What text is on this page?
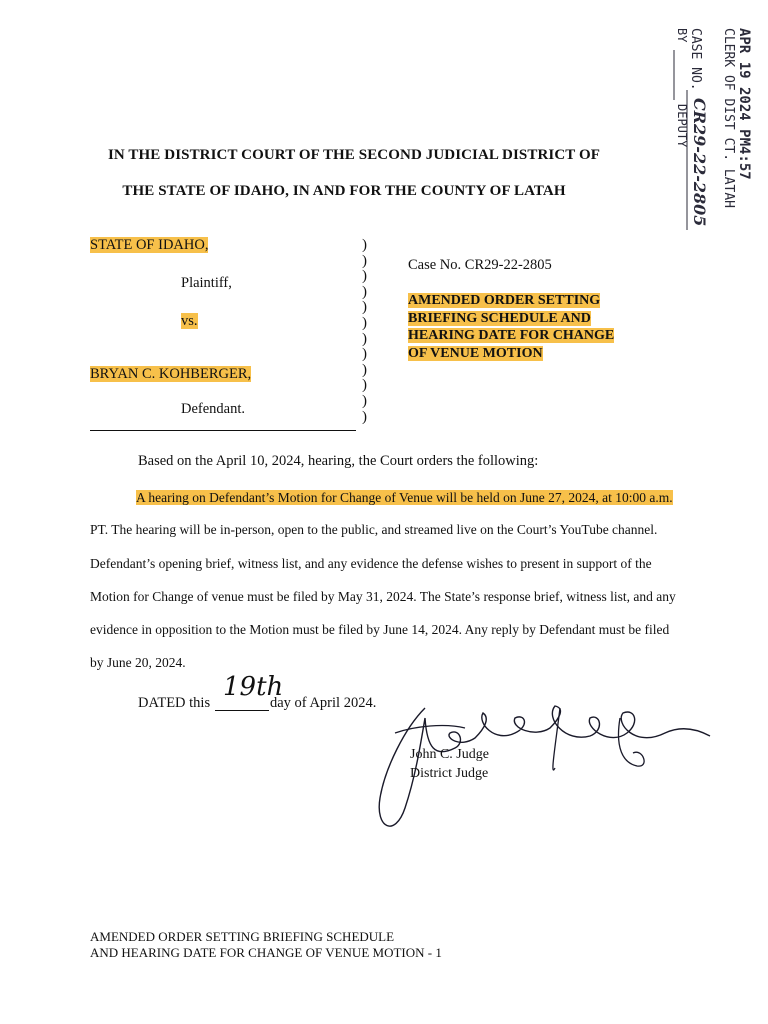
APR 19 2024 PM4:57
CLERK OF DIST CT. LATAH
CASE NO.
CR29-22-2805
BY
DEPUTY
IN THE DISTRICT COURT OF THE SECOND JUDICIAL DISTRICT OF
THE STATE OF IDAHO, IN AND FOR THE COUNTY OF LATAH
STATE OF IDAHO,
Plaintiff,
vs.
BRYAN C. KOHBERGER,
Defendant.
)
)
)
)
)
)
)
)
)
)
)
)
Case No. CR29-22-2805
AMENDED ORDER SETTING
BRIEFING SCHEDULE AND
HEARING DATE FOR CHANGE
OF VENUE MOTION
Based on the April 10, 2024, hearing, the Court orders the following:
A hearing on Defendant’s Motion for Change of Venue will be held on June 27, 2024, at 10:00 a.m.
PT. The hearing will be in-person, open to the public, and streamed live on the Court’s YouTube channel.
Defendant’s opening brief, witness list, and any evidence the defense wishes to present in support of the
Motion for Change of venue must be filed by May 31, 2024. The State’s response brief, witness list, and any
evidence in opposition to the Motion must be filed by June 14, 2024. Any reply by Defendant must be filed
by June 20, 2024.
DATED this
19th
day of April 2024.
John C. Judge
District Judge
AMENDED ORDER SETTING BRIEFING SCHEDULE
AND HEARING DATE FOR CHANGE OF VENUE MOTION - 1
